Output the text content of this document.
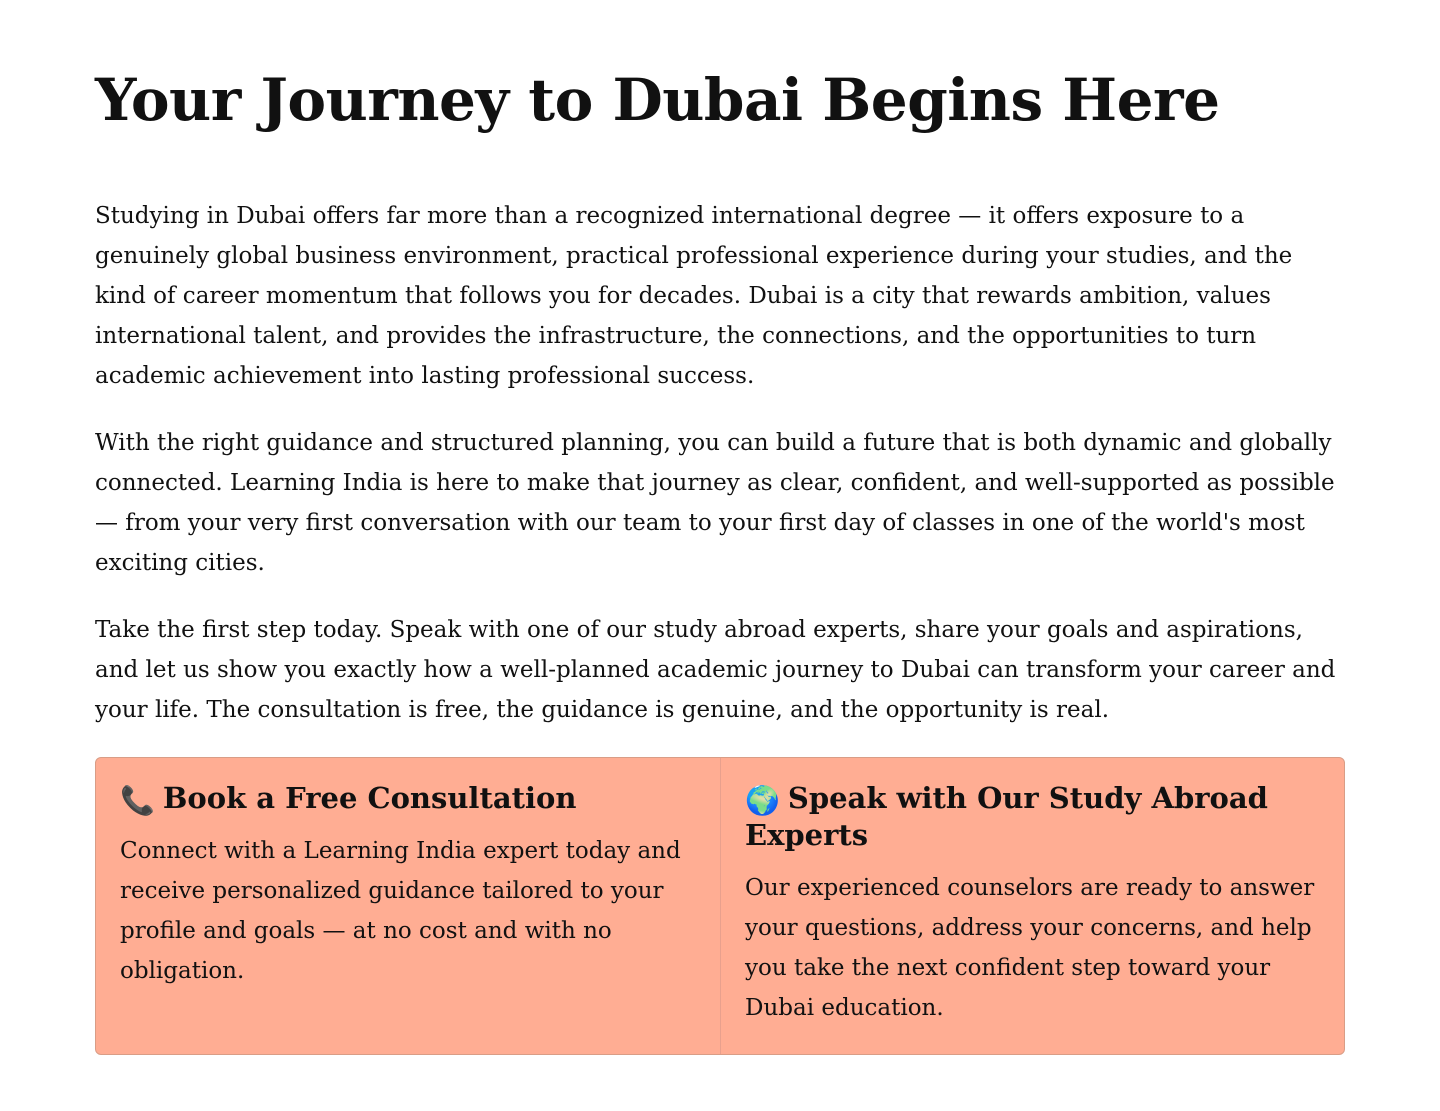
Your Journey to Dubai Begins Here

Studying in Dubai offers far more than a recognized international degree — it offers exposure to a genuinely global business environment, practical professional experience during your studies, and the kind of career momentum that follows you for decades. Dubai is a city that rewards ambition, values international talent, and provides the infrastructure, the connections, and the opportunities to turn academic achievement into lasting professional success.

With the right guidance and structured planning, you can build a future that is both dynamic and globally connected. Learning India is here to make that journey as clear, confident, and well-supported as possible — from your very first conversation with our team to your first day of classes in one of the world's most exciting cities.

Take the first step today. Speak with one of our study abroad experts, share your goals and aspirations, and let us show you exactly how a well-planned academic journey to Dubai can transform your career and your life. The consultation is free, the guidance is genuine, and the opportunity is real.

📞 Book a Free Consultation

Connect with a Learning India expert today and receive personalized guidance tailored to your profile and goals — at no cost and with no obligation.

🌍 Speak with Our Study Abroad Experts

Our experienced counselors are ready to answer your questions, address your concerns, and help you take the next confident step toward your Dubai education.
